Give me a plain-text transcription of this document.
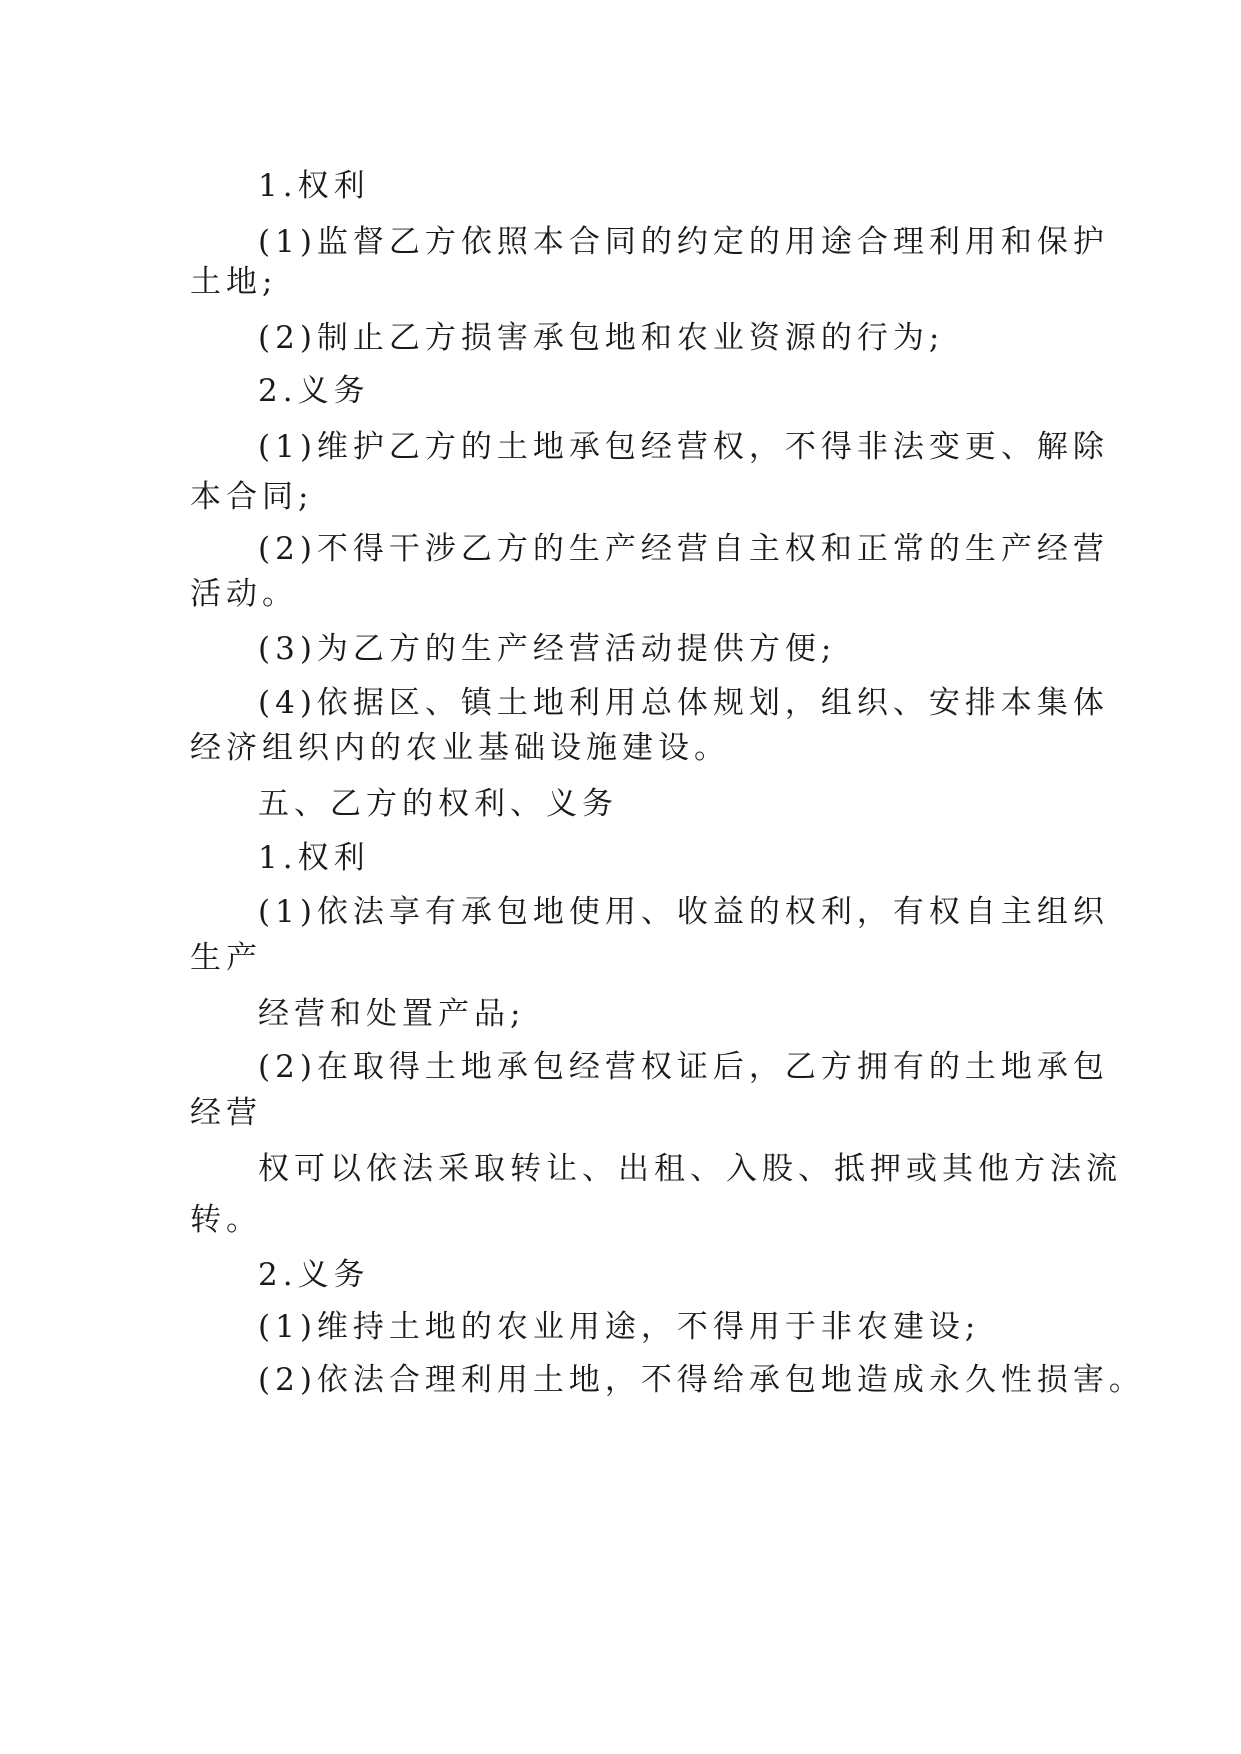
1.权利
(1)监督乙方依照本合同的约定的用途合理利用和保护
土地;
(2)制止乙方损害承包地和农业资源的行为;
2.义务
(1)维护乙方的土地承包经营权，不得非法变更、解除
本合同;
(2)不得干涉乙方的生产经营自主权和正常的生产经营
活动。
(3)为乙方的生产经营活动提供方便;
(4)依据区、镇土地利用总体规划，组织、安排本集体
经济组织内的农业基础设施建设。
五、乙方的权利、义务
1.权利
(1)依法享有承包地使用、收益的权利，有权自主组织
生产
经营和处置产品;
(2)在取得土地承包经营权证后，乙方拥有的土地承包
经营
权可以依法采取转让、出租、入股、抵押或其他方法流
转。
2.义务
(1)维持土地的农业用途，不得用于非农建设;
(2)依法合理利用土地，不得给承包地造成永久性损害。
